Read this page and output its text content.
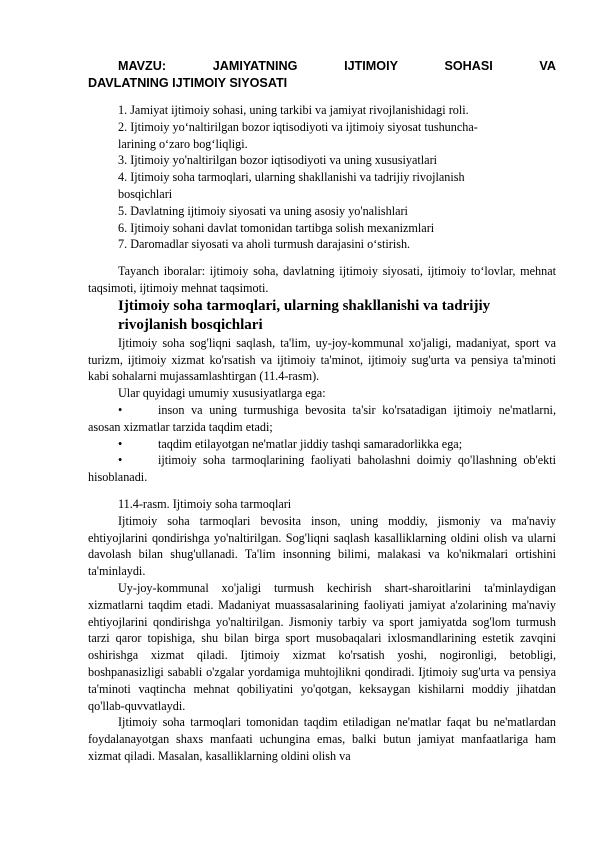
MAVZU: JAMIYATNING IJTIMOIY SOHASI VA
DAVLATNING IJTIMOIY SIYOSATI
1. Jamiyat ijtimoiy sohasi, uning tarkibi va jamiyat rivojlanishidagi roli.
2. Ijtimoiy yo‘naltirilgan bozor iqtisodiyoti va ijtimoiy siyosat tushuncha-
larining o‘zaro bog‘liqligi.
3. Ijtimoiy yo'naltirilgan bozor iqtisodiyoti va uning xususiyatlari
4. Ijtimoiy soha tarmoqlari, ularning shakllanishi va tadrijiy rivojlanish
bosqichlari
5. Davlatning ijtimoiy siyosati va uning asosiy yo'nalishlari
6. Ijtimoiy sohani davlat tomonidan tartibga solish mexanizmlari
7. Daromadlar siyosati va aholi turmush darajasini o‘stirish.

Tayanch iboralar: ijtimoiy soha, davlatning ijtimoiy siyosati, ijtimoiy to‘lovlar, mehnat taqsimoti, ijtimoiy mehnat taqsimoti.

Ijtimoiy soha tarmoqlari, ularning shakllanishi va tadrijiy rivojlanish bosqichlari

Ijtimoiy soha sog'liqni saqlash, ta'lim, uy-joy-kommunal xo'jaligi, madaniyat, sport va turizm, ijtimoiy xizmat ko'rsatish va ijtimoiy ta'minot, ijtimoiy sug'urta va pensiya ta'minoti kabi sohalarni mujassamlashtirgan (11.4-rasm).

Ular quyidagi umumiy xususiyatlarga ega:

•	inson va uning turmushiga bevosita ta'sir ko'rsatadigan ijtimoiy ne'matlarni, asosan xizmatlar tarzida taqdim etadi;
•	taqdim etilayotgan ne'matlar jiddiy tashqi samaradorlikka ega;
•	ijtimoiy soha tarmoqlarining faoliyati baholashni doimiy qo'llashning ob'ekti hisoblanadi.

11.4-rasm. Ijtimoiy soha tarmoqlari

Ijtimoiy soha tarmoqlari bevosita inson, uning moddiy, jismoniy va ma'naviy ehtiyojlarini qondirishga yo'naltirilgan. Sog'liqni saqlash kasalliklarning oldini olish va ularni davolash bilan shug'ullanadi. Ta'lim insonning bilimi, malakasi va ko'nikmalari ortishini ta'minlaydi.

Uy-joy-kommunal xo'jaligi turmush kechirish shart-sharoitlarini ta'minlaydigan xizmatlarni taqdim etadi. Madaniyat muassasalarining faoliyati jamiyat a'zolarining ma'naviy ehtiyojlarini qondirishga yo'naltirilgan. Jismoniy tarbiy va sport jamiyatda sog'lom turmush tarzi qaror topishiga, shu bilan birga sport musobaqalari ixlosmandlarining estetik zavqini oshirishga xizmat qiladi. Ijtimoiy xizmat ko'rsatish yoshi, nogironligi, betobligi, boshpanasizligi sababli o'zgalar yordamiga muhtojlikni qondiradi. Ijtimoiy sug'urta va pensiya ta'minoti vaqtincha mehnat qobiliyatini yo'qotgan, keksaygan kishilarni moddiy jihatdan qo'llab-quvvatlaydi.

Ijtimoiy soha tarmoqlari tomonidan taqdim etiladigan ne'matlar faqat bu ne'matlardan foydalanayotgan shaxs manfaati uchungina emas, balki butun jamiyat manfaatlariga ham xizmat qiladi. Masalan, kasalliklarning oldini olish va
